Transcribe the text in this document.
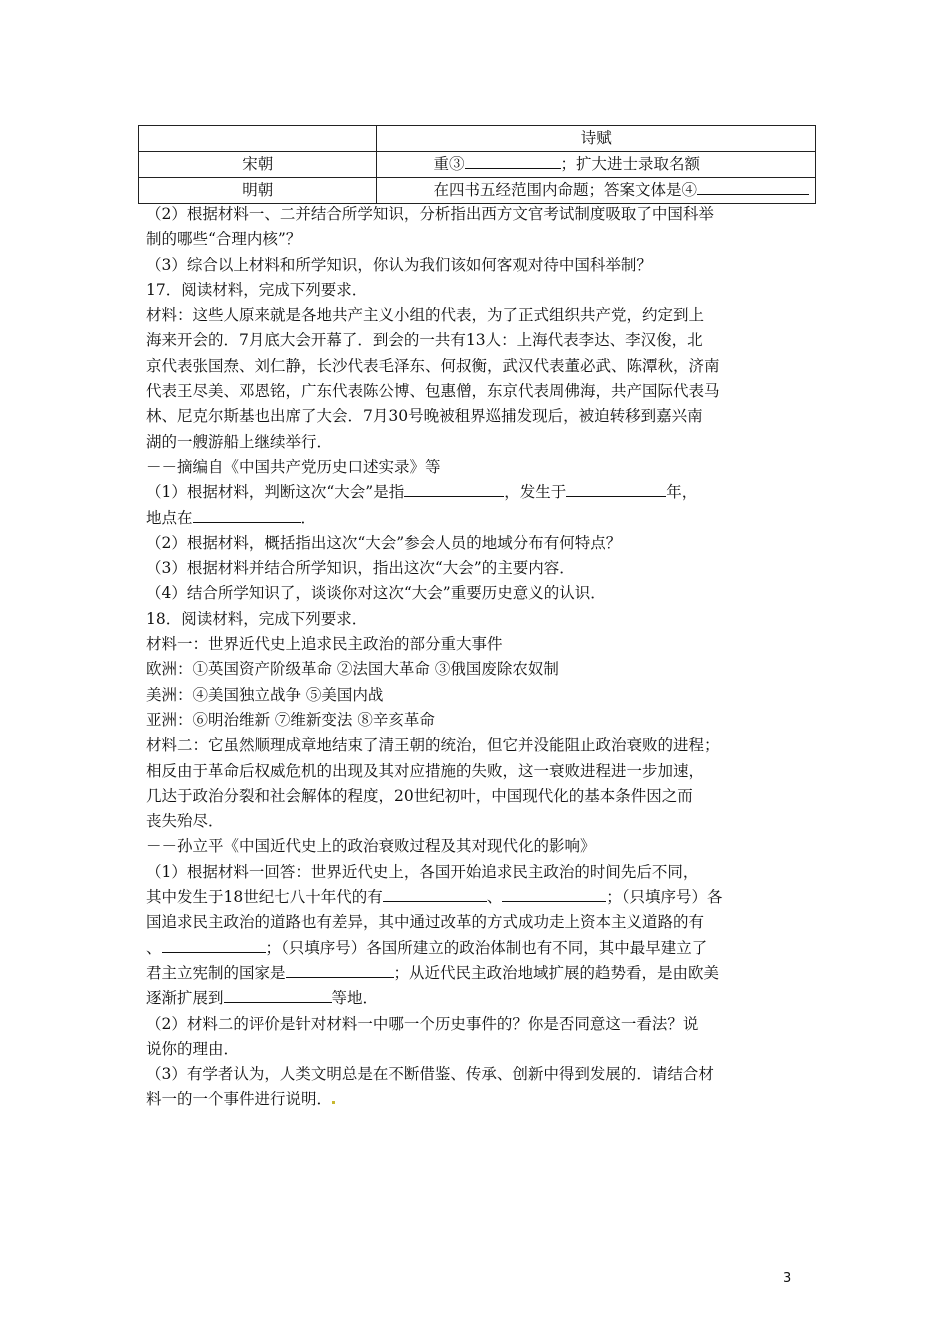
	诗赋
宋朝	重③ ；扩大进士录取名额
明朝	在四书五经范围内命题；答案文体是④
（2）根据材料一、二并结合所学知识，分析指出西方文官考试制度吸取了中国科举
制的哪些“合理内核”？
（3）综合以上材料和所学知识，你认为我们该如何客观对待中国科举制？
17．阅读材料，完成下列要求．
材料：这些人原来就是各地共产主义小组的代表，为了正式组织共产党，约定到上
海来开会的．7月底大会开幕了．到会的一共有13人：上海代表李达、李汉俊，北
京代表张国焘、刘仁静，长沙代表毛泽东、何叔衡，武汉代表董必武、陈潭秋，济南
代表王尽美、邓恩铭，广东代表陈公博、包惠僧，东京代表周佛海，共产国际代表马
林、尼克尔斯基也出席了大会．7月30号晚被租界巡捕发现后，被迫转移到嘉兴南
湖的一艘游船上继续举行．
－－摘编自《中国共产党历史口述实录》等
（1）根据材料，判断这次“大会”是指	，发生于	年，
地点在	．
（2）根据材料，概括指出这次“大会”参会人员的地域分布有何特点？
（3）根据材料并结合所学知识，指出这次“大会”的主要内容．
（4）结合所学知识了，谈谈你对这次“大会”重要历史意义的认识．
18．阅读材料，完成下列要求．
材料一：世界近代史上追求民主政治的部分重大事件
欧洲：①英国资产阶级革命 ②法国大革命 ③俄国废除农奴制
美洲：④美国独立战争 ⑤美国内战
亚洲：⑥明治维新 ⑦维新变法 ⑧辛亥革命
材料二：它虽然顺理成章地结束了清王朝的统治，但它并没能阻止政治衰败的进程；
相反由于革命后权威危机的出现及其对应措施的失败，这一衰败进程进一步加速，
几达于政治分裂和社会解体的程度，20世纪初叶，中国现代化的基本条件因之而
丧失殆尽．
－－孙立平《中国近代史上的政治衰败过程及其对现代化的影响》
（1）根据材料一回答：世界近代史上，各国开始追求民主政治的时间先后不同，
其中发生于18世纪七八十年代的有	、	；（只填序号）各
国追求民主政治的道路也有差异，其中通过改革的方式成功走上资本主义道路的有
、	；（只填序号）各国所建立的政治体制也有不同，其中最早建立了
君主立宪制的国家是	；从近代民主政治地域扩展的趋势看，是由欧美
逐渐扩展到	等地．
（2）材料二的评价是针对材料一中哪一个历史事件的？你是否同意这一看法？说
说你的理由．
（3）有学者认为，人类文明总是在不断借鉴、传承、创新中得到发展的．请结合材
料一的一个事件进行说明．
3
